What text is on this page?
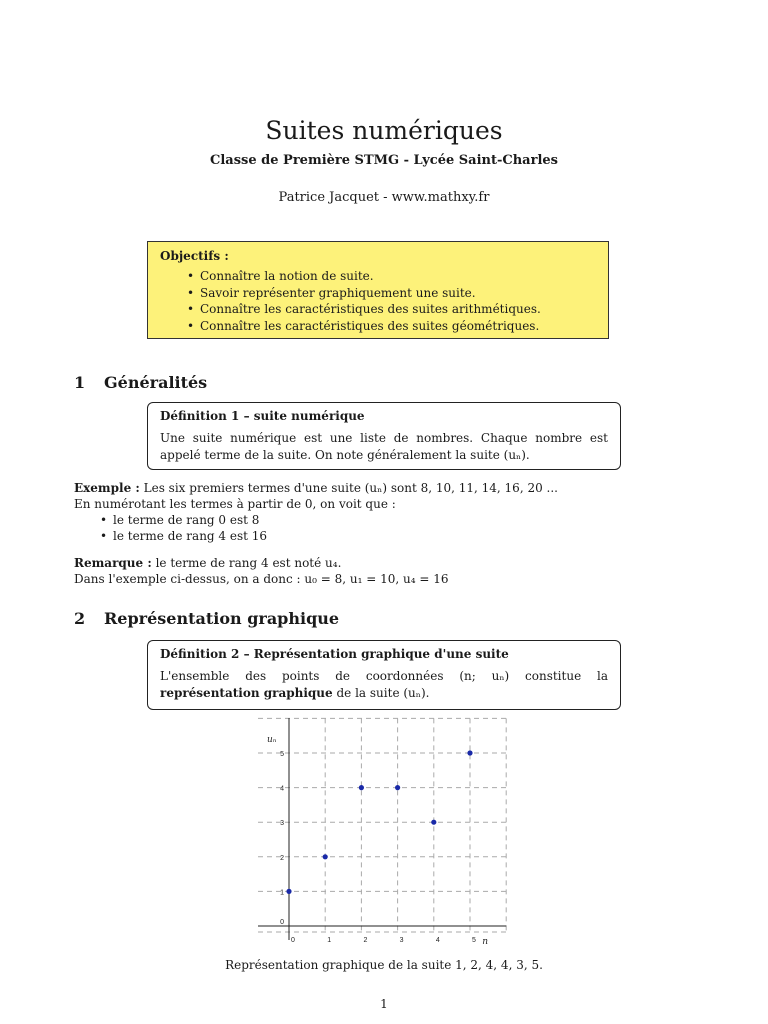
Suites numériques
Classe de Première STMG - Lycée Saint-Charles
Patrice Jacquet - www.mathxy.fr
Objectifs :
• Connaître la notion de suite.
• Savoir représenter graphiquement une suite.
• Connaître les caractéristiques des suites arithmétiques.
• Connaître les caractéristiques des suites géométriques.
1 Généralités
Définition 1 – suite numérique
Une suite numérique est une liste de nombres. Chaque nombre est appelé terme de la suite. On note généralement la suite (uₙ).
Exemple : Les six premiers termes d'une suite (uₙ) sont 8, 10, 11, 14, 16, 20 ...
En numérotant les termes à partir de 0, on voit que :
• le terme de rang 0 est 8
• le terme de rang 4 est 16
Remarque : le terme de rang 4 est noté u₄.
Dans l'exemple ci-dessus, on a donc : u₀ = 8, u₁ = 10, u₄ = 16
2 Représentation graphique
Définition 2 – Représentation graphique d'une suite
L'ensemble des points de coordonnées (n; uₙ) constitue la représentation graphique de la suite (uₙ).
0	1	2	3	4	5
0
1
2
3
4
5
n
uₙ
Représentation graphique de la suite 1, 2, 4, 4, 3, 5.
1
